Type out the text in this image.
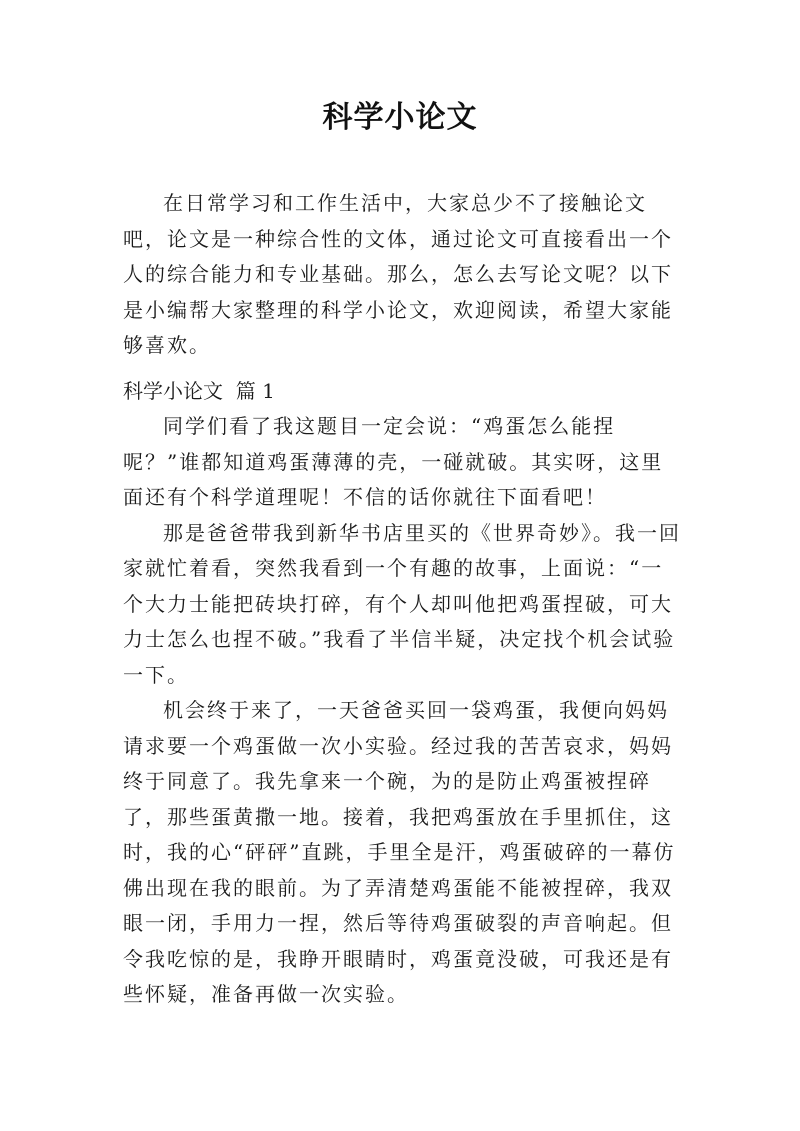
科学小论文

在日常学习和工作生活中，大家总少不了接触论文吧，论文是一种综合性的文体，通过论文可直接看出一个人的综合能力和专业基础。那么，怎么去写论文呢？以下是小编帮大家整理的科学小论文，欢迎阅读，希望大家能够喜欢。

科学小论文  篇 1

同学们看了我这题目一定会说：“鸡蛋怎么能捏呢？”谁都知道鸡蛋薄薄的壳，一碰就破。其实呀，这里面还有个科学道理呢！不信的话你就往下面看吧！

那是爸爸带我到新华书店里买的《世界奇妙》。我一回家就忙着看，突然我看到一个有趣的故事，上面说：“一个大力士能把砖块打碎，有个人却叫他把鸡蛋捏破，可大力士怎么也捏不破。”我看了半信半疑，决定找个机会试验一下。

机会终于来了，一天爸爸买回一袋鸡蛋，我便向妈妈请求要一个鸡蛋做一次小实验。经过我的苦苦哀求，妈妈终于同意了。我先拿来一个碗，为的是防止鸡蛋被捏碎了，那些蛋黄撒一地。接着，我把鸡蛋放在手里抓住，这时，我的心“砰砰”直跳，手里全是汗，鸡蛋破碎的一幕仿佛出现在我的眼前。为了弄清楚鸡蛋能不能被捏碎，我双眼一闭，手用力一捏，然后等待鸡蛋破裂的声音响起。但令我吃惊的是，我睁开眼睛时，鸡蛋竟没破，可我还是有些怀疑，准备再做一次实验。
